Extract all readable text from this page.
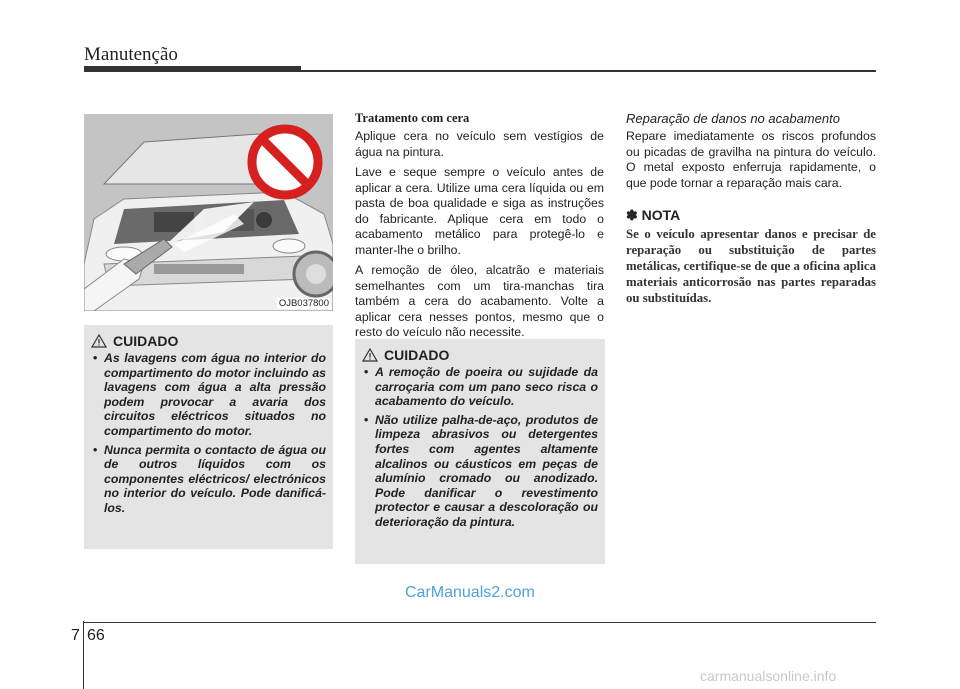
Manutenção
OJB037800
CUIDADO
• As lavagens com água no interior do compartimento do motor incluindo as lavagens com água a alta pressão podem provocar a avaria dos circuitos eléctricos situados no compartimento do motor.
• Nunca permita o contacto de água ou de outros líquidos com os componentes eléctricos/ electrónicos no interior do veículo. Pode danificá-los.
Tratamento com cera

Aplique cera no veículo sem vestígios de água na pintura.

Lave e seque sempre o veículo antes de aplicar a cera. Utilize uma cera líquida ou em pasta de boa qualidade e siga as instruções do fabricante. Aplique cera em todo o acabamento metálico para protegê-lo e manter-lhe o brilho.

A remoção de óleo, alcatrão e materiais semelhantes com um tira-manchas tira também a cera do acabamento. Volte a aplicar cera nesses pontos, mesmo que o resto do veículo não necessite.

CUIDADO
• A remoção de poeira ou sujidade da carroçaria com um pano seco risca o acabamento do veículo.
• Não utilize palha-de-aço, produtos de limpeza abrasivos ou detergentes fortes com agentes altamente alcalinos ou cáusticos em peças de alumínio cromado ou anodizado. Pode danificar o revestimento protector e causar a descoloração ou deterioração da pintura.
Reparação de danos no acabamento

Repare imediatamente os riscos profundos ou picadas de gravilha na pintura do veículo. O metal exposto enferruja rapidamente, o que pode tornar a reparação mais cara.

✽ NOTA

Se o veículo apresentar danos e precisar de reparação ou substituição de partes metálicas, certifique-se de que a oficina aplica materiais anticorrosão nas partes reparadas ou substituídas.

CarManuals2.com
7 66
carmanualsonline.info
